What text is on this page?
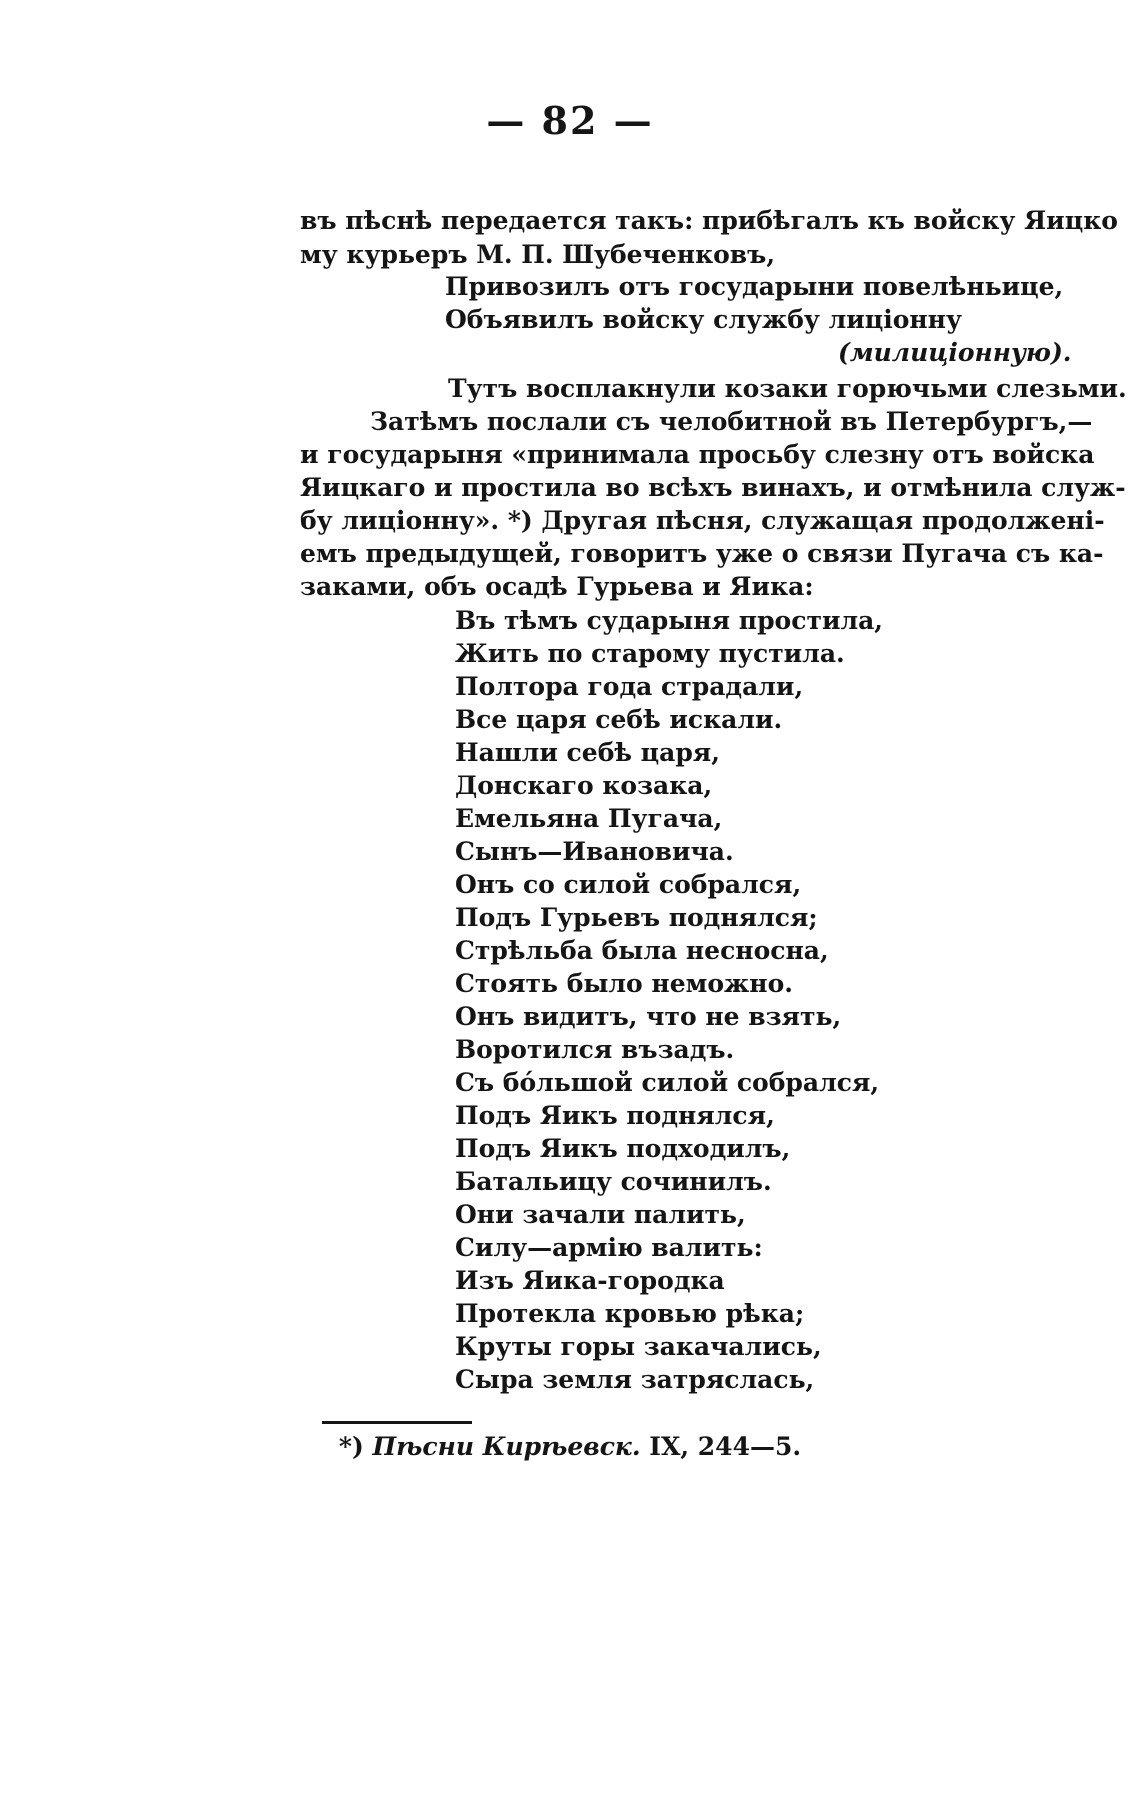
— 82 —
въ пѣснѣ передается такъ: прибѣгалъ къ войску Яицко
му курьеръ М. П. Шубеченковъ,
Привозилъ отъ государыни повелѣньице,
Объявилъ войску службу лиціонну
(милиціонную).
Тутъ восплакнули козаки горючьми слезьми.
Затѣмъ послали съ челобитной въ Петербургъ,—
и государыня «принимала просьбу слезну отъ войска
Яицкаго и простила во всѣхъ винахъ, и отмѣнила служ-
бу лиціонну». *) Другая пѣсня, служащая продолженi-
емъ предыдущей, говоритъ уже о связи Пугача съ ка-
заками, объ осадѣ Гурьева и Яика:
Въ тѣмъ сударыня простила,
Жить по старому пустила.
Полтора года страдали,
Все царя себѣ искали.
Нашли себѣ царя,
Донскаго козака,
Емельяна Пугача,
Сынъ—Ивановича.
Онъ со силой собрался,
Подъ Гурьевъ поднялся;
Стрѣльба была несносна,
Стоять было неможно.
Онъ видитъ, что не взять,
Воротился възадъ.
Съ бóльшой силой собрался,
Подъ Яикъ поднялся,
Подъ Яикъ подходилъ,
Батальицу сочинилъ.
Они зачали палить,
Силу—армiю валить:
Изъ Яика-городка
Протекла кровью рѣка;
Круты горы закачались,
Сыра земля затряслась,
*) Пѣсни Кирѣевск. IX, 244—5.
